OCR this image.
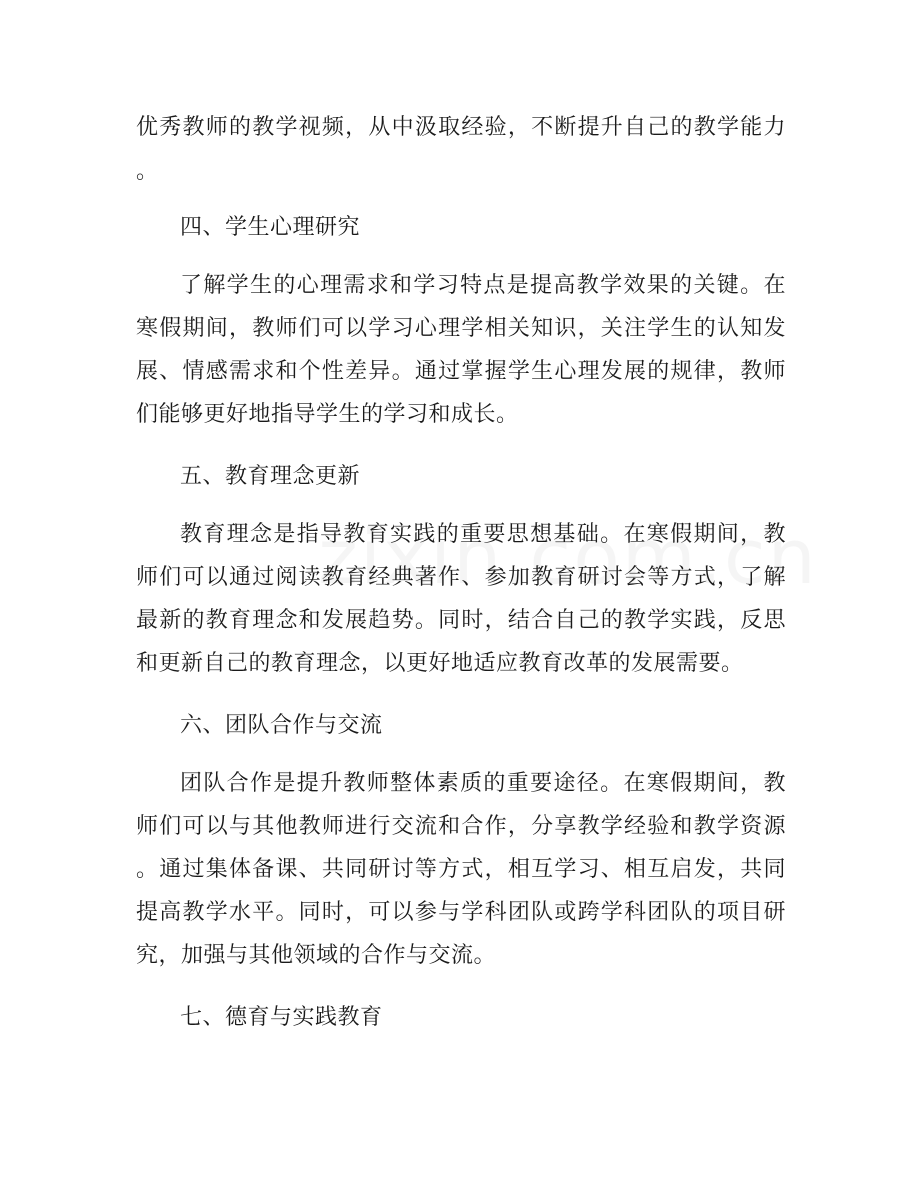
优秀教师的教学视频，从中汲取经验，不断提升自己的教学能力
。
四、学生心理研究
了解学生的心理需求和学习特点是提高教学效果的关键。在
寒假期间，教师们可以学习心理学相关知识，关注学生的认知发
展、情感需求和个性差异。通过掌握学生心理发展的规律，教师
们能够更好地指导学生的学习和成长。
五、教育理念更新
教育理念是指导教育实践的重要思想基础。在寒假期间，教
师们可以通过阅读教育经典著作、参加教育研讨会等方式，了解
最新的教育理念和发展趋势。同时，结合自己的教学实践，反思
和更新自己的教育理念，以更好地适应教育改革的发展需要。
六、团队合作与交流
团队合作是提升教师整体素质的重要途径。在寒假期间，教
师们可以与其他教师进行交流和合作，分享教学经验和教学资源
。通过集体备课、共同研讨等方式，相互学习、相互启发，共同
提高教学水平。同时，可以参与学科团队或跨学科团队的项目研
究，加强与其他领域的合作与交流。
七、德育与实践教育
